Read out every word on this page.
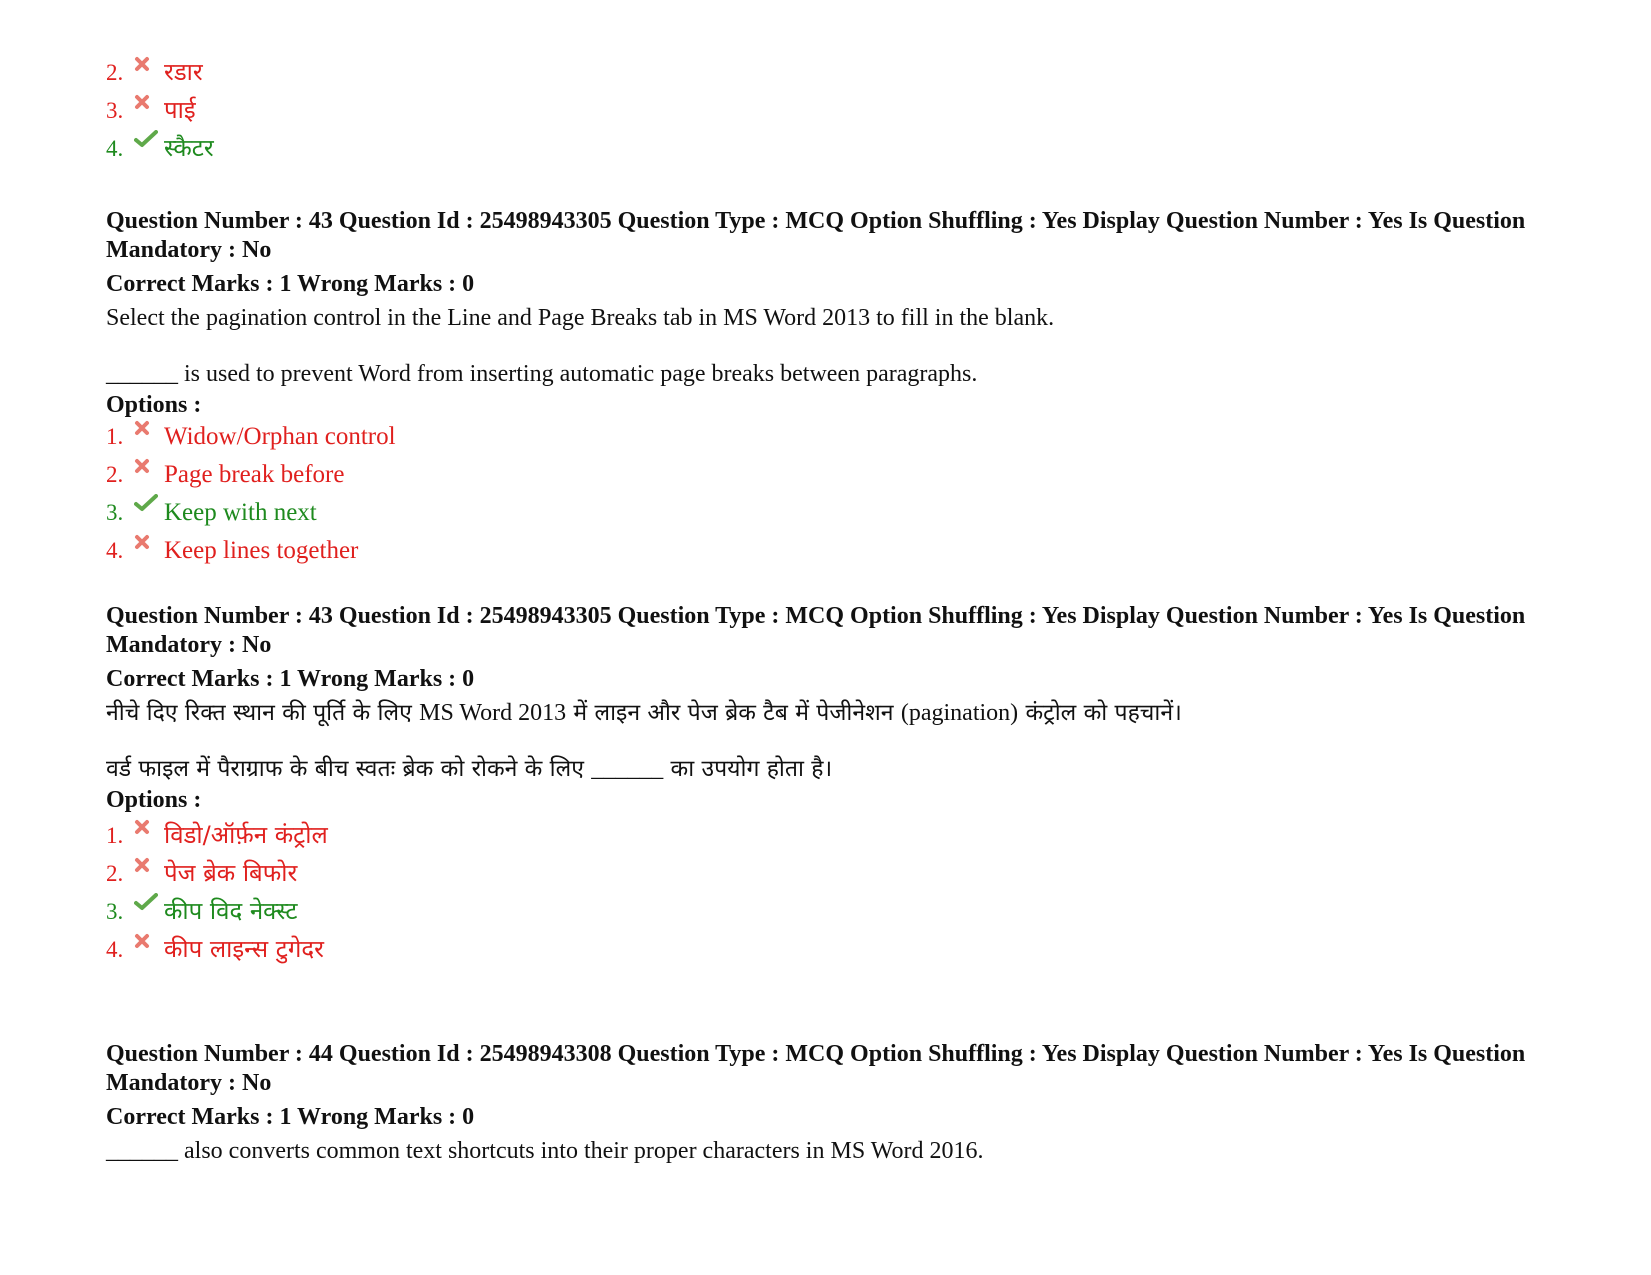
2.	रडार
3.	पाई
4.	स्कैटर

Question Number : 43 Question Id : 25498943305 Question Type : MCQ Option Shuffling : Yes Display Question Number : Yes Is Question Mandatory : No

Correct Marks : 1 Wrong Marks : 0

Select the pagination control in the Line and Page Breaks tab in MS Word 2013 to fill in the blank.

______ is used to prevent Word from inserting automatic page breaks between paragraphs.

Options :
1.	Widow/Orphan control
2.	Page break before
3.	Keep with next
4.	Keep lines together

Question Number : 43 Question Id : 25498943305 Question Type : MCQ Option Shuffling : Yes Display Question Number : Yes Is Question Mandatory : No

Correct Marks : 1 Wrong Marks : 0

नीचे दिए रिक्त स्थान की पूर्ति के लिए MS Word 2013 में लाइन और पेज ब्रेक टैब में पेजीनेशन (pagination) कंट्रोल को पहचानें।

वर्ड फाइल में पैराग्राफ के बीच स्वतः ब्रेक को रोकने के लिए ______ का उपयोग होता है।

Options :
1.	विडो/ऑर्फ़न कंट्रोल
2.	पेज ब्रेक बिफोर
3.	कीप विद नेक्स्ट
4.	कीप लाइन्स टुगेदर

Question Number : 44 Question Id : 25498943308 Question Type : MCQ Option Shuffling : Yes Display Question Number : Yes Is Question Mandatory : No

Correct Marks : 1 Wrong Marks : 0

______ also converts common text shortcuts into their proper characters in MS Word 2016.
